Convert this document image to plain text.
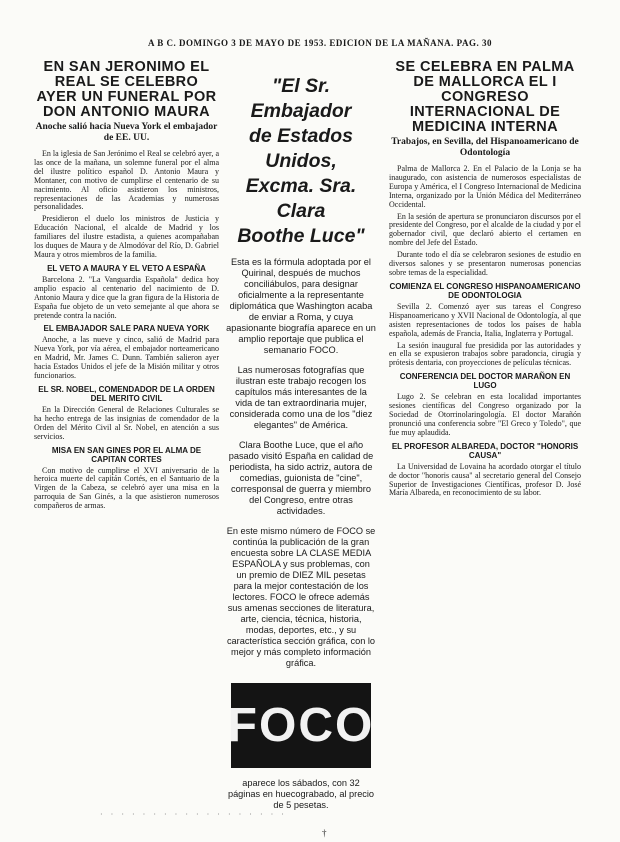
A B C. DOMINGO 3 DE MAYO DE 1953. EDICION DE LA MAÑANA. PAG. 30
EN SAN JERONIMO EL REAL SE CELEBRO AYER UN FUNERAL POR DON ANTONIO MAURA
Anoche salió hacia Nueva York el embajador de EE. UU.

En la iglesia de San Jerónimo el Real se celebró ayer, a las once de la mañana, un solemne funeral por el alma del ilustre político español D. Antonio Maura y Montaner, con motivo de cumplirse el centenario de su nacimiento. Al oficio asistieron los ministros, representaciones de las Academias y numerosas personalidades.

Presidieron el duelo los ministros de Justicia y Educación Nacional, el alcalde de Madrid y los familiares del ilustre estadista, a quienes acompañaban los duques de Maura y de Almodóvar del Río, D. Gabriel Maura y otros miembros de la familia.

EL VETO A MAURA Y EL VETO A ESPAÑA

Barcelona 2. "La Vanguardia Española" dedica hoy amplio espacio al centenario del nacimiento de D. Antonio Maura y dice que la gran figura de la Historia de España fue objeto de un veto semejante al que ahora se pretende contra la nación.

EL EMBAJADOR SALE PARA NUEVA YORK

Anoche, a las nueve y cinco, salió de Madrid para Nueva York, por vía aérea, el embajador norteamericano en Madrid, Mr. James C. Dunn. También salieron ayer hacia Estados Unidos el jefe de la Misión militar y otros funcionarios.

EL SR. NOBEL, COMENDADOR DE LA ORDEN DEL MERITO CIVIL

En la Dirección General de Relaciones Culturales se ha hecho entrega de las insignias de comendador de la Orden del Mérito Civil al Sr. Nobel, en atención a sus servicios.

MISA EN SAN GINES POR EL ALMA DE CAPITAN CORTES

Con motivo de cumplirse el XVI aniversario de la heroica muerte del capitán Cortés, en el Santuario de la Virgen de la Cabeza, se celebró ayer una misa en la parroquia de San Ginés, a la que asistieron numerosos compañeros de armas.

"El Sr. Embajador
de Estados Unidos,
Excma. Sra. Clara
Boothe Luce"
Esta es la fórmula adoptada por el Quirinal, después de muchos conciliábulos, para designar oficialmente a la representante diplomática que Washington acaba de enviar a Roma, y cuya apasionante biografía aparece en un amplio reportaje que publica el semanario FOCO.
Las numerosas fotografías que ilustran este trabajo recogen los capítulos más interesantes de la vida de tan extraordinaria mujer, considerada como una de los "diez elegantes" de América.
Clara Boothe Luce, que el año pasado visitó España en calidad de periodista, ha sido actriz, autora de comedias, guionista de "cine", corresponsal de guerra y miembro del Congreso, entre otras actividades.
En este mismo número de FOCO se continúa la publicación de la gran encuesta sobre LA CLASE MEDIA ESPAÑOLA y sus problemas, con un premio de DIEZ MIL pesetas para la mejor contestación de los lectores. FOCO le ofrece además sus amenas secciones de literatura, arte, ciencia, técnica, historia, modas, deportes, etc., y su característica sección gráfica, con lo mejor y más completo información gráfica.
FOCO
aparece los sábados, con 32 páginas en huecograbado, al precio de 5 pesetas.
SE CELEBRA EN PALMA DE MALLORCA EL I CONGRESO INTERNACIONAL DE MEDICINA INTERNA
Trabajos, en Sevilla, del Hispanoamericano de Odontología

Palma de Mallorca 2. En el Palacio de la Lonja se ha inaugurado, con asistencia de numerosos especialistas de Europa y América, el I Congreso Internacional de Medicina Interna, organizado por la Unión Médica del Mediterráneo Occidental.

En la sesión de apertura se pronunciaron discursos por el presidente del Congreso, por el alcalde de la ciudad y por el gobernador civil, que declaró abierto el certamen en nombre del Jefe del Estado.

Durante todo el día se celebraron sesiones de estudio en diversos salones y se presentaron numerosas ponencias sobre temas de la especialidad.

COMIENZA EL CONGRESO HISPANOAMERICANO DE ODONTOLOGIA

Sevilla 2. Comenzó ayer sus tareas el Congreso Hispanoamericano y XVII Nacional de Odontología, al que asisten representaciones de todos los países de habla española, además de Francia, Italia, Inglaterra y Portugal.

La sesión inaugural fue presidida por las autoridades y en ella se expusieron trabajos sobre paradoncia, cirugía y prótesis dentaria, con proyecciones de películas técnicas.

CONFERENCIA DEL DOCTOR MARAÑON EN LUGO

Lugo 2. Se celebran en esta localidad importantes sesiones científicas del Congreso organizado por la Sociedad de Otorrinolaringología. El doctor Marañón pronunció una conferencia sobre "El Greco y Toledo", que fue muy aplaudida.

EL PROFESOR ALBAREDA, DOCTOR "HONORIS CAUSA"

La Universidad de Lovaina ha acordado otorgar el título de doctor "honoris causa" al secretario general del Consejo Superior de Investigaciones Científicas, profesor D. José María Albareda, en reconocimiento de su labor.

· · · · · · · · · · · · · · · · · ·
†
